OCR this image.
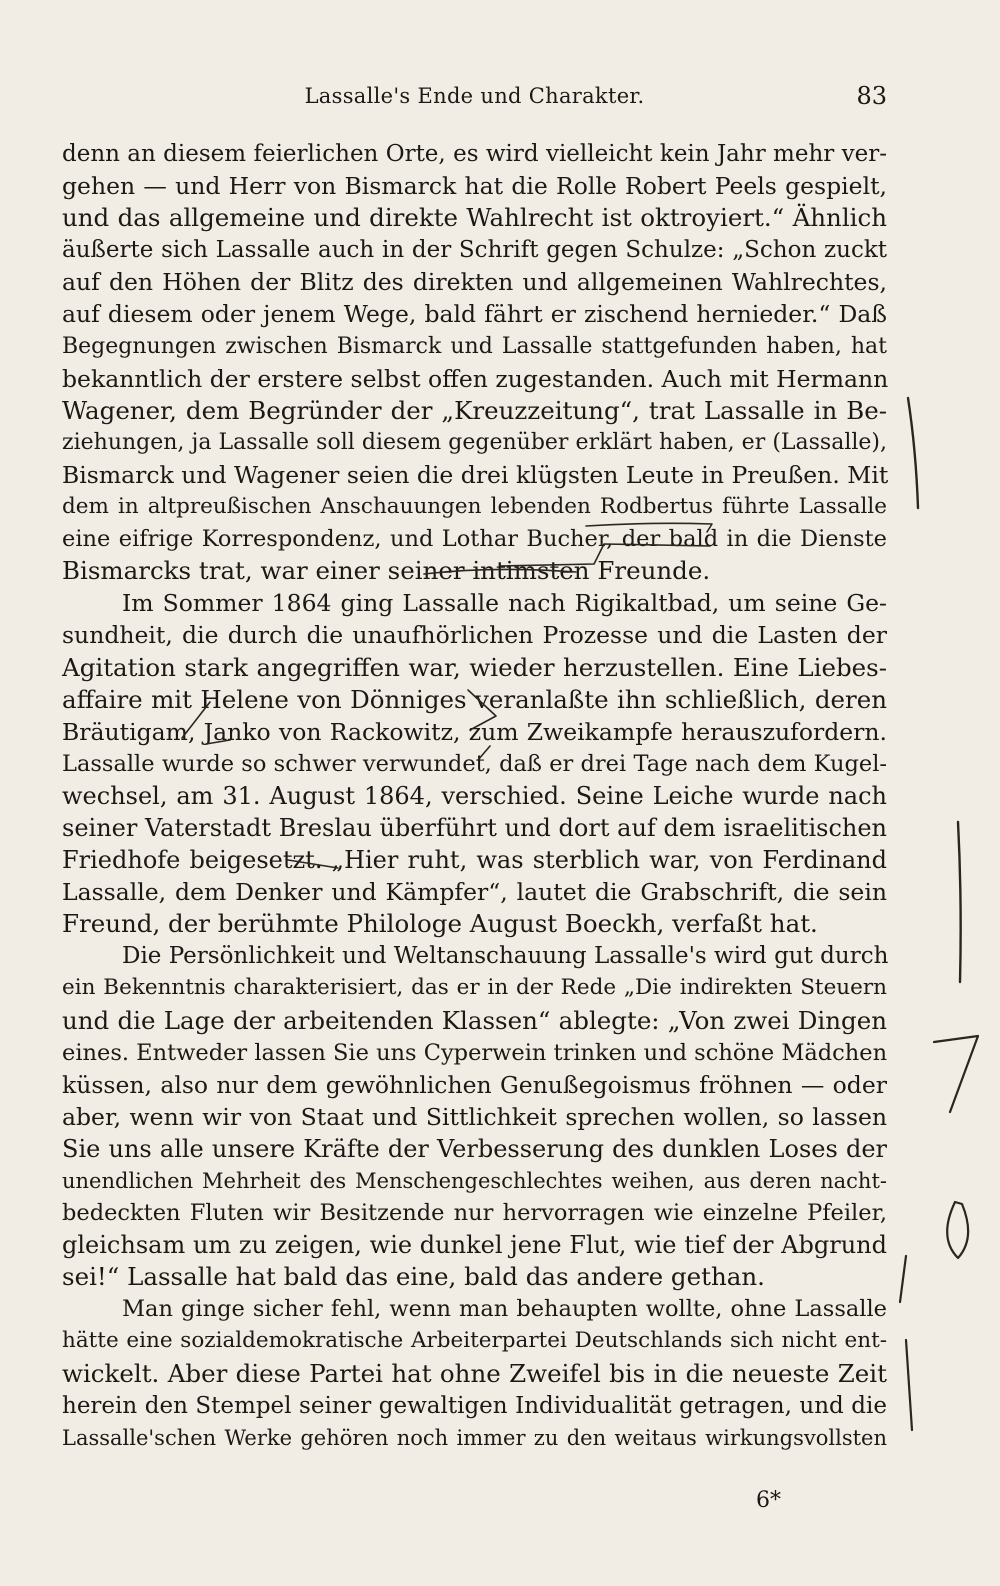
Lassalle's Ende und Charakter.	83
denn an diesem feierlichen Orte, es wird vielleicht kein Jahr mehr ver-
gehen — und Herr von Bismarck hat die Rolle Robert Peels gespielt,
und das allgemeine und direkte Wahlrecht ist oktroyiert.“ Ähnlich
äußerte sich Lassalle auch in der Schrift gegen Schulze: „Schon zuckt
auf den Höhen der Blitz des direkten und allgemeinen Wahlrechtes,
auf diesem oder jenem Wege, bald fährt er zischend hernieder.“ Daß
Begegnungen zwischen Bismarck und Lassalle stattgefunden haben, hat
bekanntlich der erstere selbst offen zugestanden. Auch mit Hermann
Wagener, dem Begründer der „Kreuzzeitung“, trat Lassalle in Be-
ziehungen, ja Lassalle soll diesem gegenüber erklärt haben, er (Lassalle),
Bismarck und Wagener seien die drei klügsten Leute in Preußen. Mit
dem in altpreußischen Anschauungen lebenden Rodbertus führte Lassalle
eine eifrige Korrespondenz, und Lothar Bucher, der bald in die Dienste
Bismarcks trat, war einer seiner intimsten Freunde.
Im Sommer 1864 ging Lassalle nach Rigikaltbad, um seine Ge-
sundheit, die durch die unaufhörlichen Prozesse und die Lasten der
Agitation stark angegriffen war, wieder herzustellen. Eine Liebes-
affaire mit Helene von Dönniges veranlaßte ihn schließlich, deren
Bräutigam, Janko von Rackowitz, zum Zweikampfe herauszufordern.
Lassalle wurde so schwer verwundet, daß er drei Tage nach dem Kugel-
wechsel, am 31. August 1864, verschied. Seine Leiche wurde nach
seiner Vaterstadt Breslau überführt und dort auf dem israelitischen
Friedhofe beigesetzt. „Hier ruht, was sterblich war, von Ferdinand
Lassalle, dem Denker und Kämpfer“, lautet die Grabschrift, die sein
Freund, der berühmte Philologe August Boeckh, verfaßt hat.
Die Persönlichkeit und Weltanschauung Lassalle's wird gut durch
ein Bekenntnis charakterisiert, das er in der Rede „Die indirekten Steuern
und die Lage der arbeitenden Klassen“ ablegte: „Von zwei Dingen
eines. Entweder lassen Sie uns Cyperwein trinken und schöne Mädchen
küssen, also nur dem gewöhnlichen Genußegoismus fröhnen — oder
aber, wenn wir von Staat und Sittlichkeit sprechen wollen, so lassen
Sie uns alle unsere Kräfte der Verbesserung des dunklen Loses der
unendlichen Mehrheit des Menschengeschlechtes weihen, aus deren nacht-
bedeckten Fluten wir Besitzende nur hervorragen wie einzelne Pfeiler,
gleichsam um zu zeigen, wie dunkel jene Flut, wie tief der Abgrund
sei!“ Lassalle hat bald das eine, bald das andere gethan.
Man ginge sicher fehl, wenn man behaupten wollte, ohne Lassalle
hätte eine sozialdemokratische Arbeiterpartei Deutschlands sich nicht ent-
wickelt. Aber diese Partei hat ohne Zweifel bis in die neueste Zeit
herein den Stempel seiner gewaltigen Individualität getragen, und die
Lassalle'schen Werke gehören noch immer zu den weitaus wirkungsvollsten
6*
